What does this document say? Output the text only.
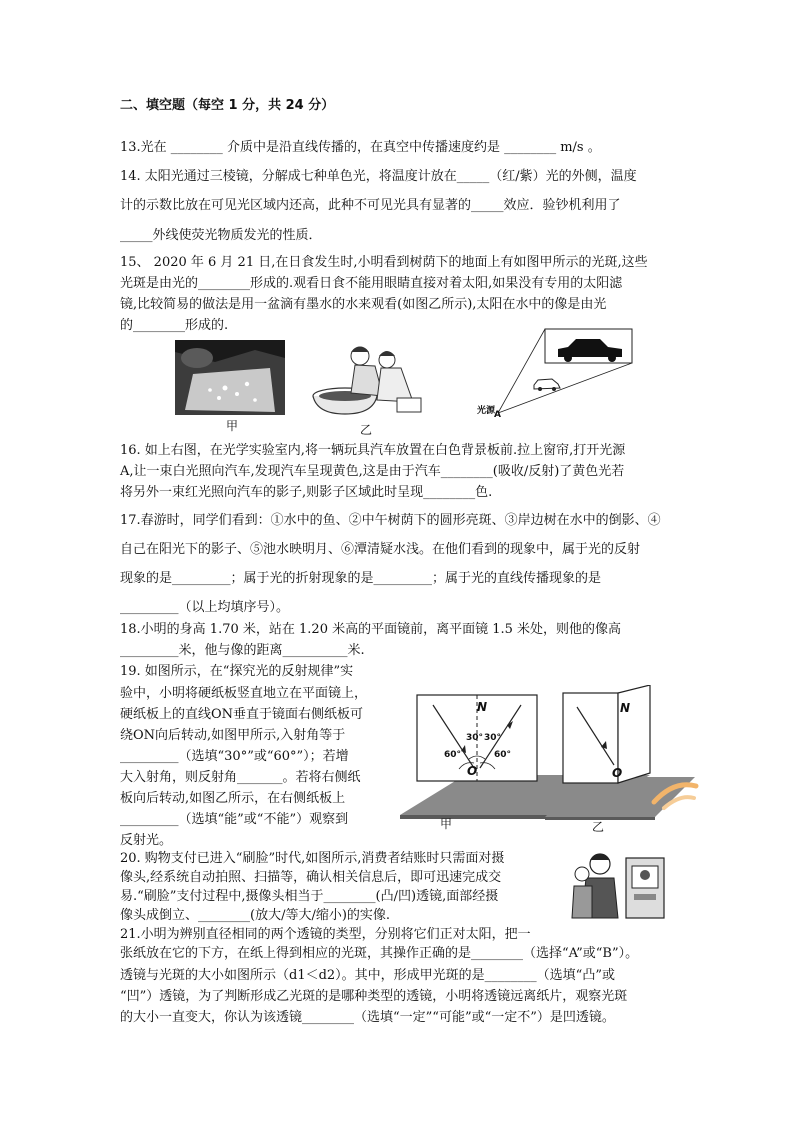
二、填空题（每空 1 分，共 24 分）
13.光在 ________ 介质中是沿直线传播的，在真空中传播速度约是 ________ m/s 。
14. 太阳光通过三棱镜，分解成七种单色光，将温度计放在_____（红/紫）光的外侧，温度
计的示数比放在可见光区域内还高，此种不可见光具有显著的_____效应．验钞机利用了
_____外线使荧光物质发光的性质．
15、 2020 年 6 月 21 日,在日食发生时,小明看到树荫下的地面上有如图甲所示的光斑,这些
光斑是由光的________形成的.观看日食不能用眼睛直接对着太阳,如果没有专用的太阳滤
镜,比较简易的做法是用一盆滴有墨水的水来观看(如图乙所示),太阳在水中的像是由光
的________形成的.
甲	乙
光源
A
16. 如上右图，在光学实验室内,将一辆玩具汽车放置在白色背景板前.拉上窗帘,打开光源
A,让一束白光照向汽车,发现汽车呈现黄色,这是由于汽车________(吸收/反射)了黄色光若
将另外一束红光照向汽车的影子,则影子区域此时呈现________色.
17.春游时，同学们看到：①水中的鱼、②中午树荫下的圆形亮斑、③岸边树在水中的倒影、④
自己在阳光下的影子、⑤池水映明月、⑥潭清疑水浅。在他们看到的现象中，属于光的反射
现象的是_________；属于光的折射现象的是_________；属于光的直线传播现象的是
_________（以上均填序号）。
18.小明的身高 1.70 米，站在 1.20 米高的平面镜前，离平面镜 1.5 米处，则他的像高
_________米，他与像的距离__________米.
19. 如图所示，在“探究光的反射规律”实
验中，小明将硬纸板竖直地立在平面镜上，
硬纸板上的直线ON垂直于镜面右侧纸板可
绕ON向后转动,如图甲所示,入射角等于
_________（选填“30°”或“60°”）；若增
大入射角，则反射角_______。若将右侧纸
板向后转动,如图乙所示，在右侧纸板上
_________（选填“能”或“不能”）观察到
反射光。
N	N
30° 30°
60°	60°
O	O
甲	乙
20. 购物支付已进入“刷脸”时代,如图所示,消费者结账时只需面对摄
像头,经系统自动拍照、扫描等，确认相关信息后，即可迅速完成交
易.“刷脸”支付过程中,摄像头相当于________(凸/凹)透镜,面部经摄
像头成倒立、________(放大/等大/缩小)的实像.
21.小明为辨别直径相同的两个透镜的类型，分别将它们正对太阳，把一
张纸放在它的下方，在纸上得到相应的光斑，其操作正确的是________（选择“A”或“B”）。
透镜与光斑的大小如图所示（d1＜d2）。其中，形成甲光斑的是________（选填“凸”或
“凹”）透镜，为了判断形成乙光斑的是哪种类型的透镜，小明将透镜远离纸片，观察光斑
的大小一直变大，你认为该透镜________（选填“一定”“可能”或“一定不”）是凹透镜。
